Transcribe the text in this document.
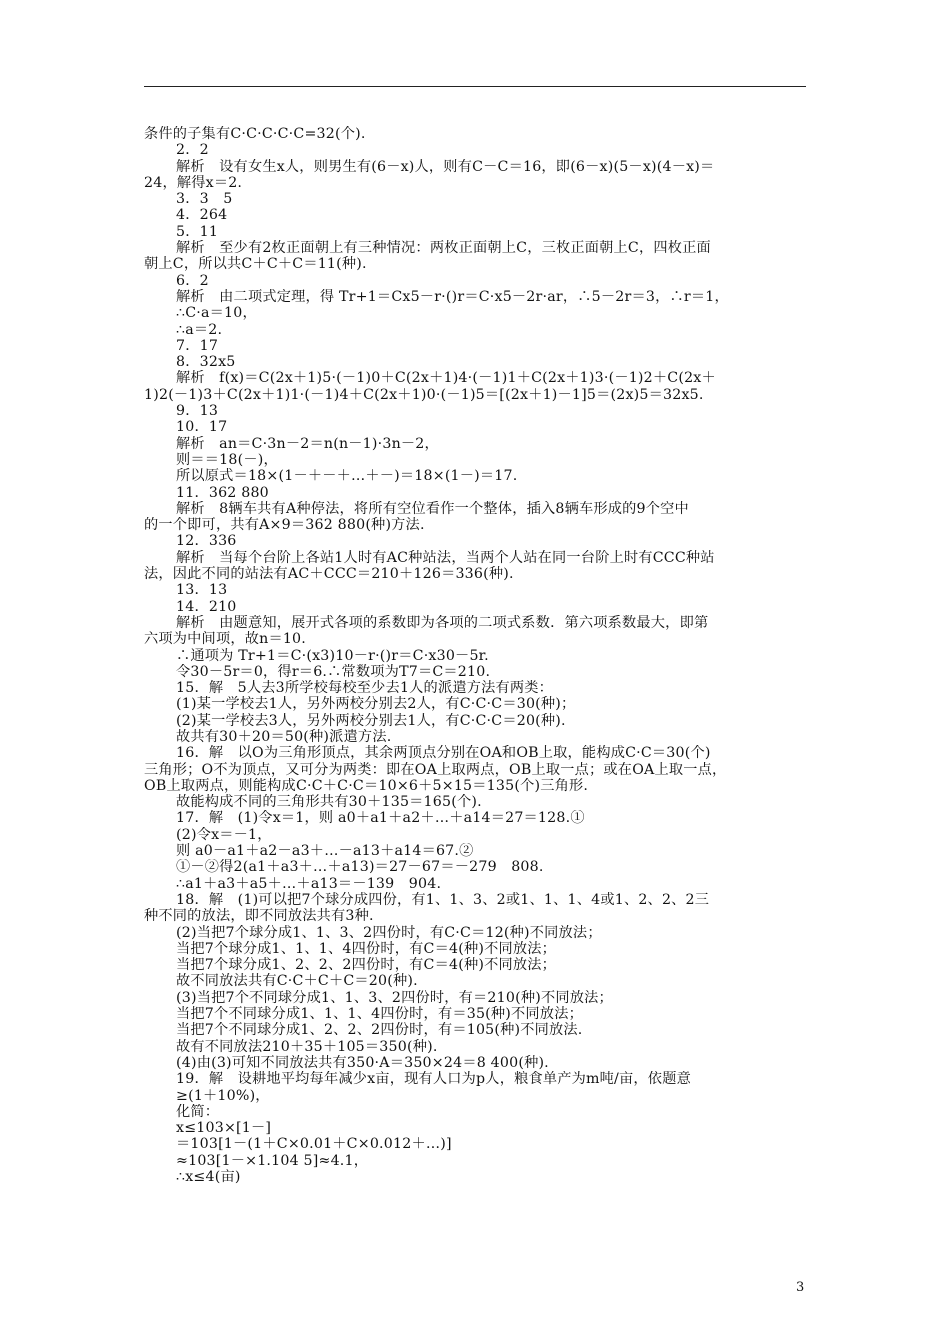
条件的子集有C·C·C·C·C=32(个).
2．2
解析　设有女生x人，则男生有(6－x)人，则有C－C＝16，即(6－x)(5－x)(4－x)＝
24，解得x＝2.
3．3　5
4．264
5．11
解析　至少有2枚正面朝上有三种情况：两枚正面朝上C，三枚正面朝上C，四枚正面
朝上C，所以共C＋C＋C＝11(种).
6．2
解析　由二项式定理，得 Tr+1＝Cx5－r·()r＝C·x5－2r·ar，∴5－2r＝3，∴r＝1，
∴C·a＝10，
∴a＝2.
7．17
8．32x5
解析　f(x)＝C(2x＋1)5·(－1)0＋C(2x＋1)4·(－1)1＋C(2x＋1)3·(－1)2＋C(2x＋
1)2(－1)3＋C(2x＋1)1·(－1)4＋C(2x＋1)0·(－1)5＝[(2x＋1)－1]5＝(2x)5＝32x5.
9．13
10．17
解析　an＝C·3n－2＝n(n－1)·3n－2，
则＝＝18(－)，
所以原式＝18×(1－＋－＋…＋－)＝18×(1－)＝17.
11．362 880
解析　8辆车共有A种停法，将所有空位看作一个整体，插入8辆车形成的9个空中
的一个即可，共有A×9＝362 880(种)方法.
12．336
解析　当每个台阶上各站1人时有AC种站法，当两个人站在同一台阶上时有CCC种站
法，因此不同的站法有AC＋CCC＝210＋126＝336(种).
13．13
14．210
解析　由题意知，展开式各项的系数即为各项的二项式系数．第六项系数最大，即第
六项为中间项，故n＝10.
∴通项为 Tr+1＝C·(x3)10－r·()r＝C·x30－5r.
令30－5r＝0，得r＝6.∴常数项为T7＝C＝210.
15．解　5人去3所学校每校至少去1人的派遣方法有两类：
(1)某一学校去1人，另外两校分别去2人，有C·C·C＝30(种)；
(2)某一学校去3人，另外两校分别去1人，有C·C·C＝20(种).
故共有30＋20＝50(种)派遣方法.
16．解　以O为三角形顶点，其余两顶点分别在OA和OB上取，能构成C·C＝30(个)
三角形；O不为顶点，又可分为两类：即在OA上取两点，OB上取一点；或在OA上取一点，
OB上取两点，则能构成C·C＋C·C＝10×6＋5×15＝135(个)三角形.
故能构成不同的三角形共有30＋135＝165(个).
17．解　(1)令x＝1，则 a0＋a1＋a2＋…＋a14＝27＝128.①
(2)令x＝－1，
则 a0－a1＋a2－a3＋…－a13＋a14＝67.②
①－②得2(a1＋a3＋…＋a13)＝27－67＝－279　808.
∴a1＋a3＋a5＋…＋a13＝－139　904.
18．解　(1)可以把7个球分成四份，有1、1、3、2或1、1、1、4或1、2、2、2三
种不同的放法，即不同放法共有3种.
(2)当把7个球分成1、1、3、2四份时，有C·C＝12(种)不同放法；
当把7个球分成1、1、1、4四份时，有C＝4(种)不同放法；
当把7个球分成1、2、2、2四份时，有C＝4(种)不同放法；
故不同放法共有C·C＋C＋C＝20(种).
(3)当把7个不同球分成1、1、3、2四份时，有＝210(种)不同放法；
当把7个不同球分成1、1、1、4四份时，有＝35(种)不同放法；
当把7个不同球分成1、2、2、2四份时，有＝105(种)不同放法.
故有不同放法210＋35＋105＝350(种).
(4)由(3)可知不同放法共有350·A＝350×24＝8 400(种).
19．解　设耕地平均每年减少x亩，现有人口为p人，粮食单产为m吨/亩，依题意
≥(1＋10%)，
化简：
x≤103×[1－]
＝103[1－(1＋C×0.01＋C×0.012＋…)]
≈103[1－×1.104 5]≈4.1，
∴x≤4(亩)
3
